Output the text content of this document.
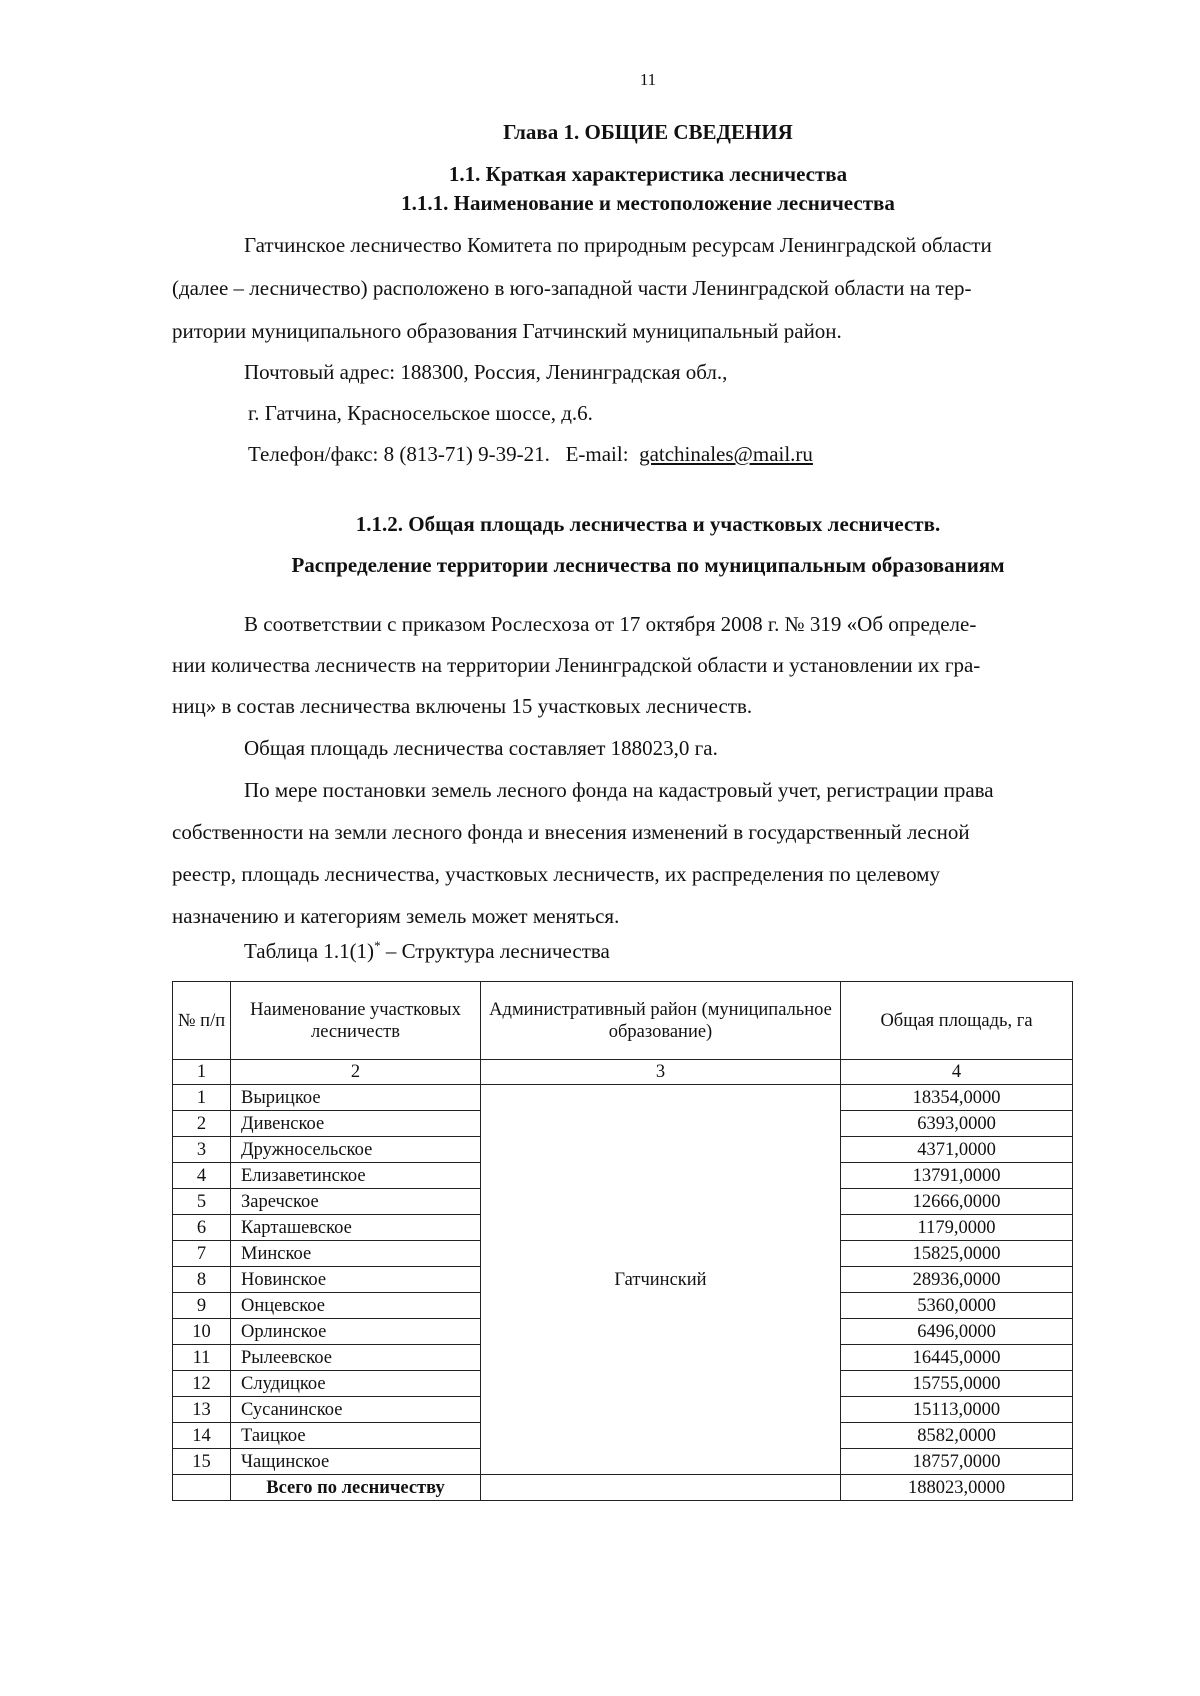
11
Глава 1. ОБЩИЕ СВЕДЕНИЯ
1.1. Краткая характеристика лесничества
1.1.1. Наименование и местоположение лесничества
Гатчинское лесничество Комитета по природным ресурсам Ленинградской области
(далее – лесничество) расположено в юго-западной части Ленинградской области на тер-
ритории муниципального образования Гатчинский муниципальный район.
Почтовый адрес: 188300, Россия, Ленинградская обл.,
г. Гатчина, Красносельское шоссе, д.6.
Телефон/факс: 8 (813-71) 9-39-21. E-mail: gatchinales@mail.ru
1.1.2. Общая площадь лесничества и участковых лесничеств.
Распределение территории лесничества по муниципальным образованиям
В соответствии с приказом Рослесхоза от 17 октября 2008 г. № 319 «Об определе-
нии количества лесничеств на территории Ленинградской области и установлении их гра-
ниц» в состав лесничества включены 15 участковых лесничеств.
Общая площадь лесничества составляет 188023,0 га.
По мере постановки земель лесного фонда на кадастровый учет, регистрации права
собственности на земли лесного фонда и внесения изменений в государственный лесной
реестр, площадь лесничества, участковых лесничеств, их распределения по целевому
назначению и категориям земель может меняться.
Таблица 1.1(1)* – Структура лесничества
№ п/п	Наименование участковых лесничеств	Административный район (муниципальное образование)	Общая площадь, га
1	2	3	4
1	Вырицкое	Гатчинский	18354,0000
2	Дивенское		6393,0000
3	Дружносельское		4371,0000
4	Елизаветинское		13791,0000
5	Заречское		12666,0000
6	Карташевское		1179,0000
7	Минское		15825,0000
8	Новинское		28936,0000
9	Онцевское		5360,0000
10	Орлинское		6496,0000
11	Рылеевское		16445,0000
12	Слудицкое		15755,0000
13	Сусанинское		15113,0000
14	Таицкое		8582,0000
15	Чащинское		18757,0000
	Всего по лесничеству		188023,0000
